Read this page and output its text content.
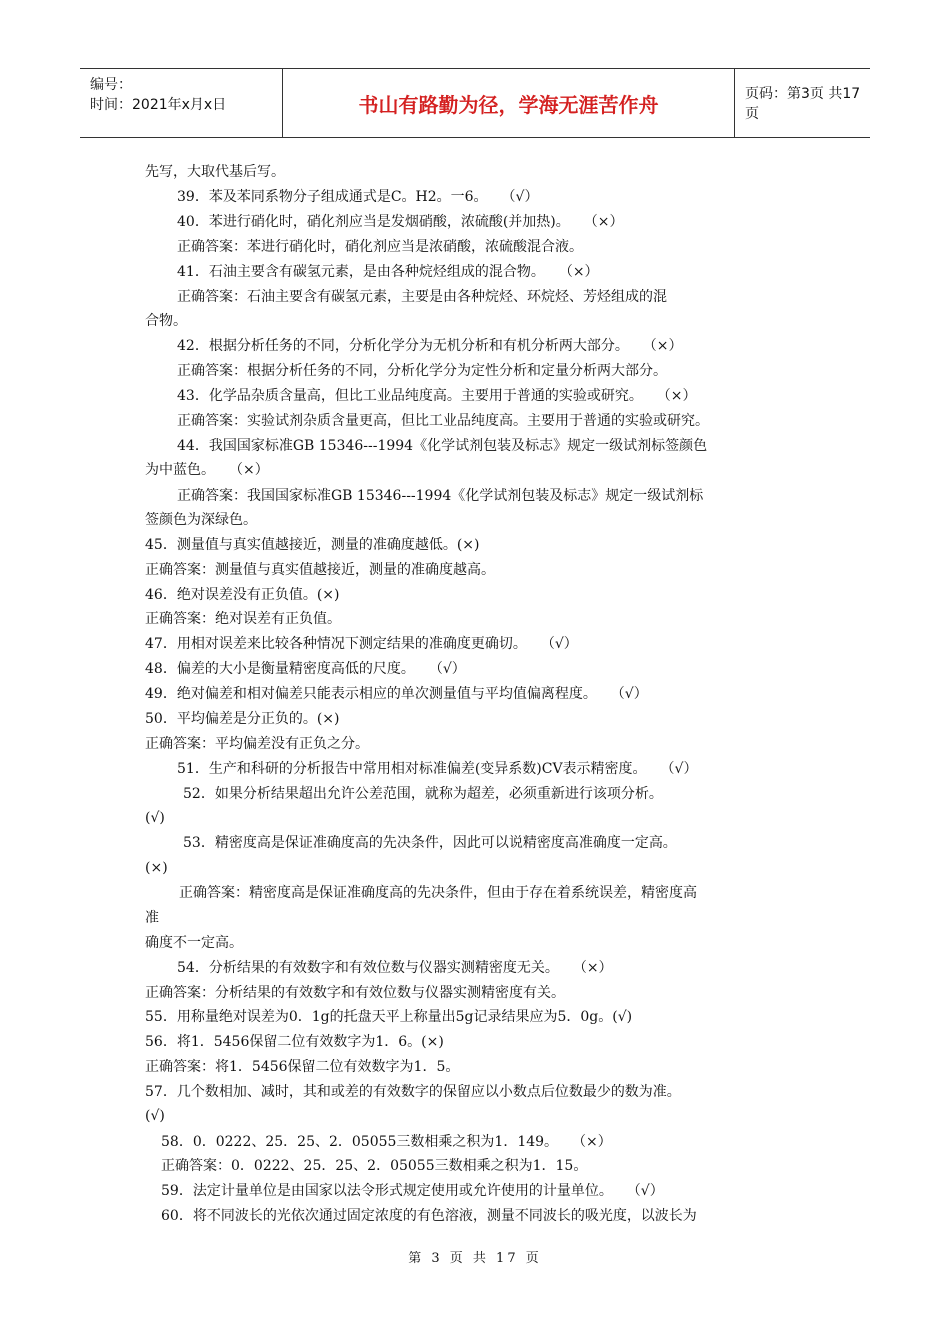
编号：
时间：2021年x月x日	书山有路勤为径，学海无涯苦作舟	页码：第3页 共17页
先写，大取代基后写。
39．苯及苯同系物分子组成通式是C。H2。一6。　　（√）
40．苯进行硝化时，硝化剂应当是发烟硝酸，浓硫酸(并加热)。　　（×）
正确答案：苯进行硝化时，硝化剂应当是浓硝酸，浓硫酸混合液。
41．石油主要含有碳氢元素，是由各种烷烃组成的混合物。　　（×）
正确答案：石油主要含有碳氢元素，主要是由各种烷烃、环烷烃、芳烃组成的混
合物。
42．根据分析任务的不同，分析化学分为无机分析和有机分析两大部分。　　（×）
正确答案：根据分析任务的不同，分析化学分为定性分析和定量分析两大部分。
43．化学品杂质含量高，但比工业品纯度高。主要用于普通的实验或研究。　　（×）
正确答案：实验试剂杂质含量更高，但比工业品纯度高。主要用于普通的实验或研究。
44．我国国家标准GB 15346---1994《化学试剂包装及标志》规定一级试剂标签颜色
为中蓝色。　　（×）
正确答案：我国国家标准GB 15346---1994《化学试剂包装及标志》规定一级试剂标
签颜色为深绿色。
45．测量值与真实值越接近，测量的准确度越低。(×)
正确答案：测量值与真实值越接近，测量的准确度越高。
46．绝对误差没有正负值。(×)
正确答案：绝对误差有正负值。
47．用相对误差来比较各种情况下测定结果的准确度更确切。　　（√）
48．偏差的大小是衡量精密度高低的尺度。　　（√）
49．绝对偏差和相对偏差只能表示相应的单次测量值与平均值偏离程度。　　（√）
50．平均偏差是分正负的。(×)
正确答案：平均偏差没有正负之分。
51．生产和科研的分析报告中常用相对标准偏差(变异系数)CV表示精密度。　　（√）
52．如果分析结果超出允许公差范围，就称为超差，必须重新进行该项分析。
(√)
53．精密度高是保证准确度高的先决条件，因此可以说精密度高准确度一定高。
(×)
正确答案：精密度高是保证准确度高的先决条件，但由于存在着系统误差，精密度高
准
确度不一定高。
54．分析结果的有效数字和有效位数与仪器实测精密度无关。　　（×）
正确答案：分析结果的有效数字和有效位数与仪器实测精密度有关。
55．用称量绝对误差为0．1g的托盘天平上称量出5g记录结果应为5．0g。(√)
56．将1．5456保留二位有效数字为1．6。(×)
正确答案：将1．5456保留二位有效数字为1．5。
57．几个数相加、减时，其和或差的有效数字的保留应以小数点后位数最少的数为准。
(√)
58．0．0222、25．25、2．05055三数相乘之积为1．149。　　（×）
正确答案：0．0222、25．25、2．05055三数相乘之积为1．15。
59．法定计量单位是由国家以法令形式规定使用或允许使用的计量单位。　　（√）
60．将不同波长的光依次通过固定浓度的有色溶液，测量不同波长的吸光度，以波长为
第 3 页 共 17 页
